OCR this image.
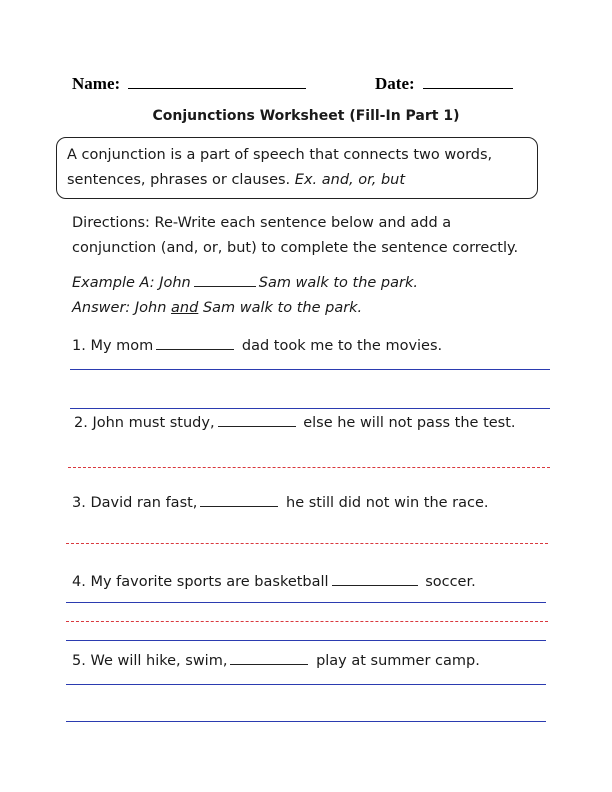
Name:	Date:
Conjunctions Worksheet (Fill-In Part 1)
A conjunction is a part of speech that connects two words,
sentences, phrases or clauses. Ex. and, or, but
Directions: Re-Write each sentence below and add a
conjunction (and, or, but) to complete the sentence correctly.
Example A: John	Sam walk to the park.
Answer: John and Sam walk to the park.
1. My mom	dad took me to the movies.
2. John must study,	else he will not pass the test.
3. David ran fast,	he still did not win the race.
4. My favorite sports are basketball	soccer.
5. We will hike, swim,	play at summer camp.
